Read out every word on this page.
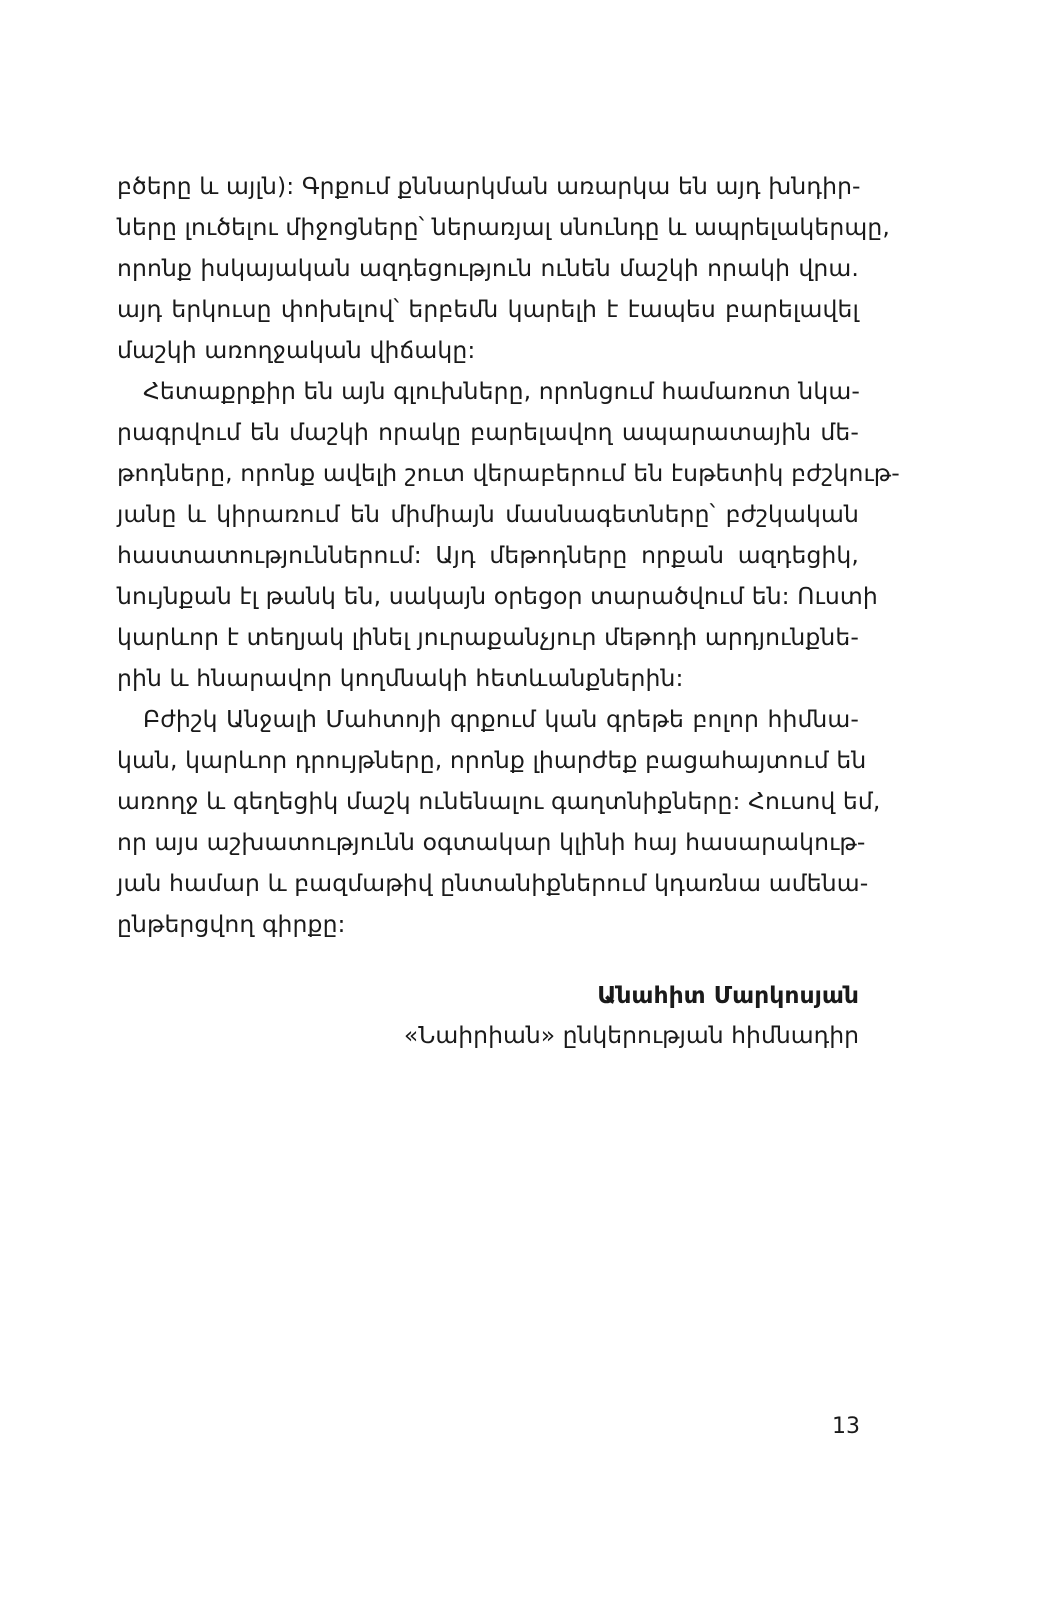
բծերը և այլն): Գրքում քննարկման առարկա են այդ խնդիր-
ները լուծելու միջոցները՝ ներառյալ սնունդը և ապրելակերպը,
որոնք իսկայական ազդեցություն ունեն մաշկի որակի վրա.
այդ երկուսը փոխելով՝ երբեմն կարելի է էապես բարելավել
մաշկի առողջական վիճակը:
Հետաքրքիր են այն գլուխները, որոնցում համառոտ նկա-
րագրվում են մաշկի որակը բարելավող ապարատային մե-
թոդները, որոնք ավելի շուտ վերաբերում են էսթետիկ բժշկութ-
յանը և կիրառում են միմիայն մասնագետները՝ բժշկական
հաստատություններում: Այդ մեթոդները որքան ազդեցիկ,
նույնքան էլ թանկ են, սակայն օրեցօր տարածվում են: Ուստի
կարևոր է տեղյակ լինել յուրաքանչյուր մեթոդի արդյունքնե-
րին և հնարավոր կողմնակի հետևանքներին:
Բժիշկ Անջալի Մահտոյի գրքում կան գրեթե բոլոր հիմնա-
կան, կարևոր դրույթները, որոնք լիարժեք բացահայտում են
առողջ և գեղեցիկ մաշկ ունենալու գաղտնիքները: Հուսով եմ,
որ այս աշխատությունն օգտակար կլինի հայ հասարակութ-
յան համար և բազմաթիվ ընտանիքներում կդառնա ամենա-
ընթերցվող գիրքը:
Անահիտ Մարկոսյան
«Նաիրիան» ընկերության հիմնադիր
13
